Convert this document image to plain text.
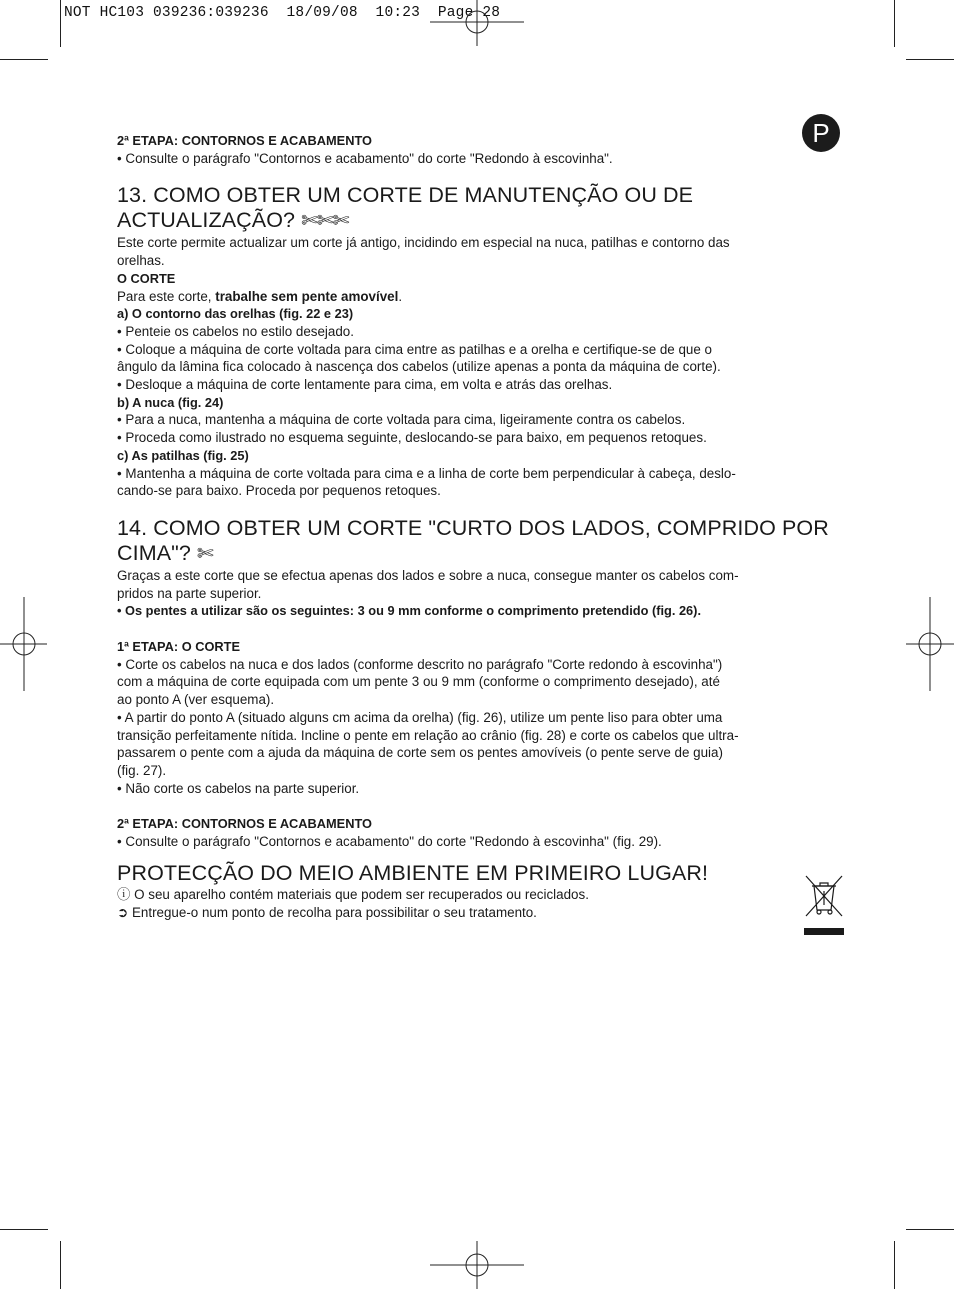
NOT HC103 039236:039236  18/09/08  10:23  Page 28
P

2ª ETAPA: CONTORNOS E ACABAMENTO

• Consulte o parágrafo "Contornos e acabamento" do corte "Redondo à escovinha".

13. COMO OBTER UM CORTE DE MANUTENÇÃO OU DE

ACTUALIZAÇÃO? ✄✄✄

Este corte permite actualizar um corte já antigo, incidindo em especial na nuca, patilhas e contorno das

orelhas.

O CORTE

Para este corte, trabalhe sem pente amovível.

a) O contorno das orelhas (fig. 22 e 23)

• Penteie os cabelos no estilo desejado.

• Coloque a máquina de corte voltada para cima entre as patilhas e a orelha e certifique-se de que o

ângulo da lâmina fica colocado à nascença dos cabelos (utilize apenas a ponta da máquina de corte).

• Desloque a máquina de corte lentamente para cima, em volta e atrás das orelhas.

b) A nuca (fig. 24)

• Para a nuca, mantenha a máquina de corte voltada para cima, ligeiramente contra os cabelos.

• Proceda como ilustrado no esquema seguinte, deslocando-se para baixo, em pequenos retoques.

c) As patilhas (fig. 25)

• Mantenha a máquina de corte voltada para cima e a linha de corte bem perpendicular à cabeça, deslo-

cando-se para baixo. Proceda por pequenos retoques.

14. COMO OBTER UM CORTE "CURTO DOS LADOS, COMPRIDO POR

CIMA"? ✄

Graças a este corte que se efectua apenas dos lados e sobre a nuca, consegue manter os cabelos com-

pridos na parte superior.

• Os pentes a utilizar são os seguintes: 3 ou 9 mm conforme o comprimento pretendido (fig. 26).

1ª ETAPA: O CORTE

• Corte os cabelos na nuca e dos lados (conforme descrito no parágrafo "Corte redondo à escovinha")

com a máquina de corte equipada com um pente 3 ou 9 mm (conforme o comprimento desejado), até

ao ponto A (ver esquema).

• A partir do ponto A (situado alguns cm acima da orelha) (fig. 26), utilize um pente liso para obter uma

transição perfeitamente nítida. Incline o pente em relação ao crânio (fig. 28) e corte os cabelos que ultra-

passarem o pente com a ajuda da máquina de corte sem os pentes amovíveis (o pente serve de guia)

(fig. 27).

• Não corte os cabelos na parte superior.

2ª ETAPA: CONTORNOS E ACABAMENTO

• Consulte o parágrafo "Contornos e acabamento" do corte "Redondo à escovinha" (fig. 29).

PROTECÇÃO DO MEIO AMBIENTE EM PRIMEIRO LUGAR!

ⓘ O seu aparelho contém materiais que podem ser recuperados ou reciclados.

➲ Entregue-o num ponto de recolha para possibilitar o seu tratamento.
